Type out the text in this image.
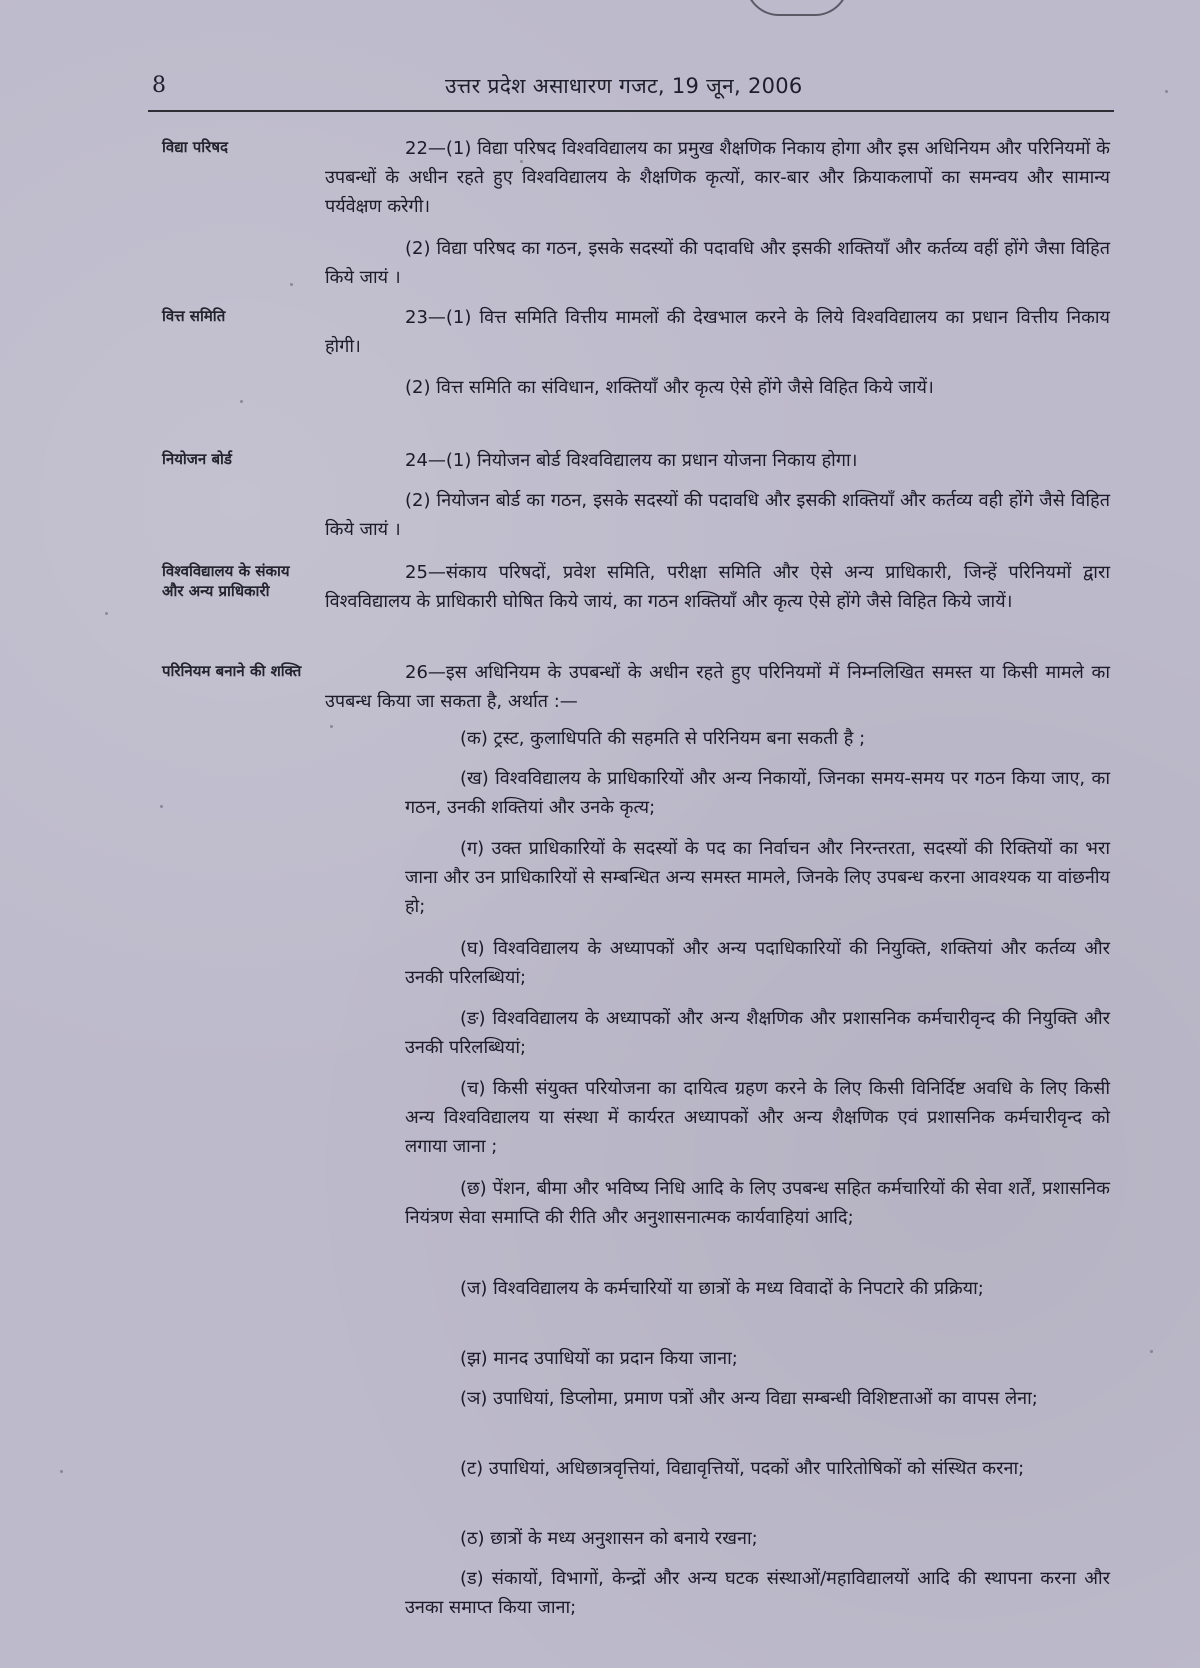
8	उत्तर प्रदेश असाधारण गजट, 19 जून, 2006
विद्या परिषद	22—(1) विद्या परिषद विश्वविद्यालय का प्रमुख शैक्षणिक निकाय होगा और इस अधिनियम और परिनियमों के उपबन्धों के अधीन रहते हुए विश्वविद्यालय के शैक्षणिक कृत्यों, कार-बार और क्रियाकलापों का समन्वय और सामान्य पर्यवेक्षण करेगी।

(2) विद्या परिषद का गठन, इसके सदस्यों की पदावधि और इसकी शक्तियाँ और कर्तव्य वहीं होंगे जैसा विहित किये जायं ।

वित्त समिति	23—(1) वित्त समिति वित्तीय मामलों की देखभाल करने के लिये विश्वविद्यालय का प्रधान वित्तीय निकाय होगी।

(2) वित्त समिति का संविधान, शक्तियाँ और कृत्य ऐसे होंगे जैसे विहित किये जायें।

नियोजन बोर्ड	24—(1) नियोजन बोर्ड विश्वविद्यालय का प्रधान योजना निकाय होगा।

(2) नियोजन बोर्ड का गठन, इसके सदस्यों की पदावधि और इसकी शक्तियाँ और कर्तव्य वही होंगे जैसे विहित किये जायं ।

विश्वविद्यालय के संकाय और अन्य प्राधिकारी

25—संकाय परिषदों, प्रवेश समिति, परीक्षा समिति और ऐसे अन्य प्राधिकारी, जिन्हें परिनियमों द्वारा विश्वविद्यालय के प्राधिकारी घोषित किये जायं, का गठन शक्तियाँ और कृत्य ऐसे होंगे जैसे विहित किये जायें।

परिनियम बनाने की शक्ति	26—इस अधिनियम के उपबन्धों के अधीन रहते हुए परिनियमों में निम्नलिखित समस्त या किसी मामले का उपबन्ध किया जा सकता है, अर्थात :—

(क) ट्रस्ट, कुलाधिपति की सहमति से परिनियम बना सकती है ;

(ख) विश्वविद्यालय के प्राधिकारियों और अन्य निकायों, जिनका समय-समय पर गठन किया जाए, का गठन, उनकी शक्तियां और उनके कृत्य;

(ग) उक्त प्राधिकारियों के सदस्यों के पद का निर्वाचन और निरन्तरता, सदस्यों की रिक्तियों का भरा जाना और उन प्राधिकारियों से सम्बन्धित अन्य समस्त मामले, जिनके लिए उपबन्ध करना आवश्यक या वांछनीय हो;

(घ) विश्वविद्यालय के अध्यापकों और अन्य पदाधिकारियों की नियुक्ति, शक्तियां और कर्तव्य और उनकी परिलब्धियां;

(ङ) विश्वविद्यालय के अध्यापकों और अन्य शैक्षणिक और प्रशासनिक कर्मचारीवृन्द की नियुक्ति और उनकी परिलब्धियां;

(च) किसी संयुक्त परियोजना का दायित्व ग्रहण करने के लिए किसी विनिर्दिष्ट अवधि के लिए किसी अन्य विश्वविद्यालय या संस्था में कार्यरत अध्यापकों और अन्य शैक्षणिक एवं प्रशासनिक कर्मचारीवृन्द को लगाया जाना ;

(छ) पेंशन, बीमा और भविष्य निधि आदि के लिए उपबन्ध सहित कर्मचारियों की सेवा शर्तें, प्रशासनिक नियंत्रण सेवा समाप्ति की रीति और अनुशासनात्मक कार्यवाहियां आदि;

(ज) विश्वविद्यालय के कर्मचारियों या छात्रों के मध्य विवादों के निपटारे की प्रक्रिया;

(झ) मानद उपाधियों का प्रदान किया जाना;

(ञ) उपाधियां, डिप्लोमा, प्रमाण पत्रों और अन्य विद्या सम्बन्धी विशिष्टताओं का वापस लेना;

(ट) उपाधियां, अधिछात्रवृत्तियां, विद्यावृत्तियों, पदकों और पारितोषिकों को संस्थित करना;

(ठ) छात्रों के मध्य अनुशासन को बनाये रखना;

(ड) संकायों, विभागों, केन्द्रों और अन्य घटक संस्थाओं/महाविद्यालयों आदि की स्थापना करना और उनका समाप्त किया जाना;
